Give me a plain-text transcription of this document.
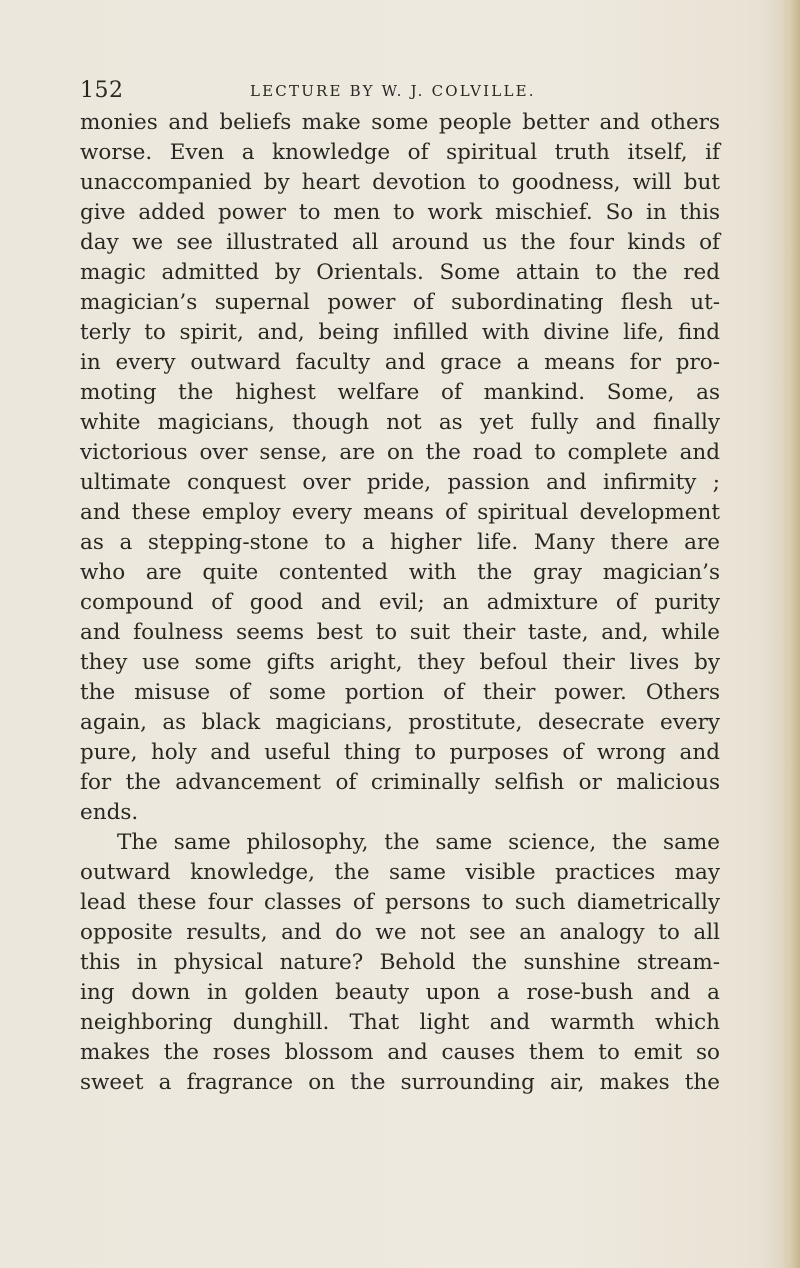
152	LECTURE BY W. J. COLVILLE.
monies and beliefs make some people better and others
worse. Even a knowledge of spiritual truth itself, if
unaccompanied by heart devotion to goodness, will but
give added power to men to work mischief. So in this
day we see illustrated all around us the four kinds of
magic admitted by Orientals. Some attain to the red
magician’s supernal power of subordinating flesh ut-
terly to spirit, and, being infilled with divine life, find
in every outward faculty and grace a means for pro-
moting the highest welfare of mankind. Some, as
white magicians, though not as yet fully and finally
victorious over sense, are on the road to complete and
ultimate conquest over pride, passion and infirmity ;
and these employ every means of spiritual development
as a stepping-stone to a higher life. Many there are
who are quite contented with the gray magician’s
compound of good and evil; an admixture of purity
and foulness seems best to suit their taste, and, while
they use some gifts aright, they befoul their lives by
the misuse of some portion of their power. Others
again, as black magicians, prostitute, desecrate every
pure, holy and useful thing to purposes of wrong and
for the advancement of criminally selfish or malicious
ends.
The same philosophy, the same science, the same
outward knowledge, the same visible practices may
lead these four classes of persons to such diametrically
opposite results, and do we not see an analogy to all
this in physical nature? Behold the sunshine stream-
ing down in golden beauty upon a rose-bush and a
neighboring dunghill. That light and warmth which
makes the roses blossom and causes them to emit so
sweet a fragrance on the surrounding air, makes the
